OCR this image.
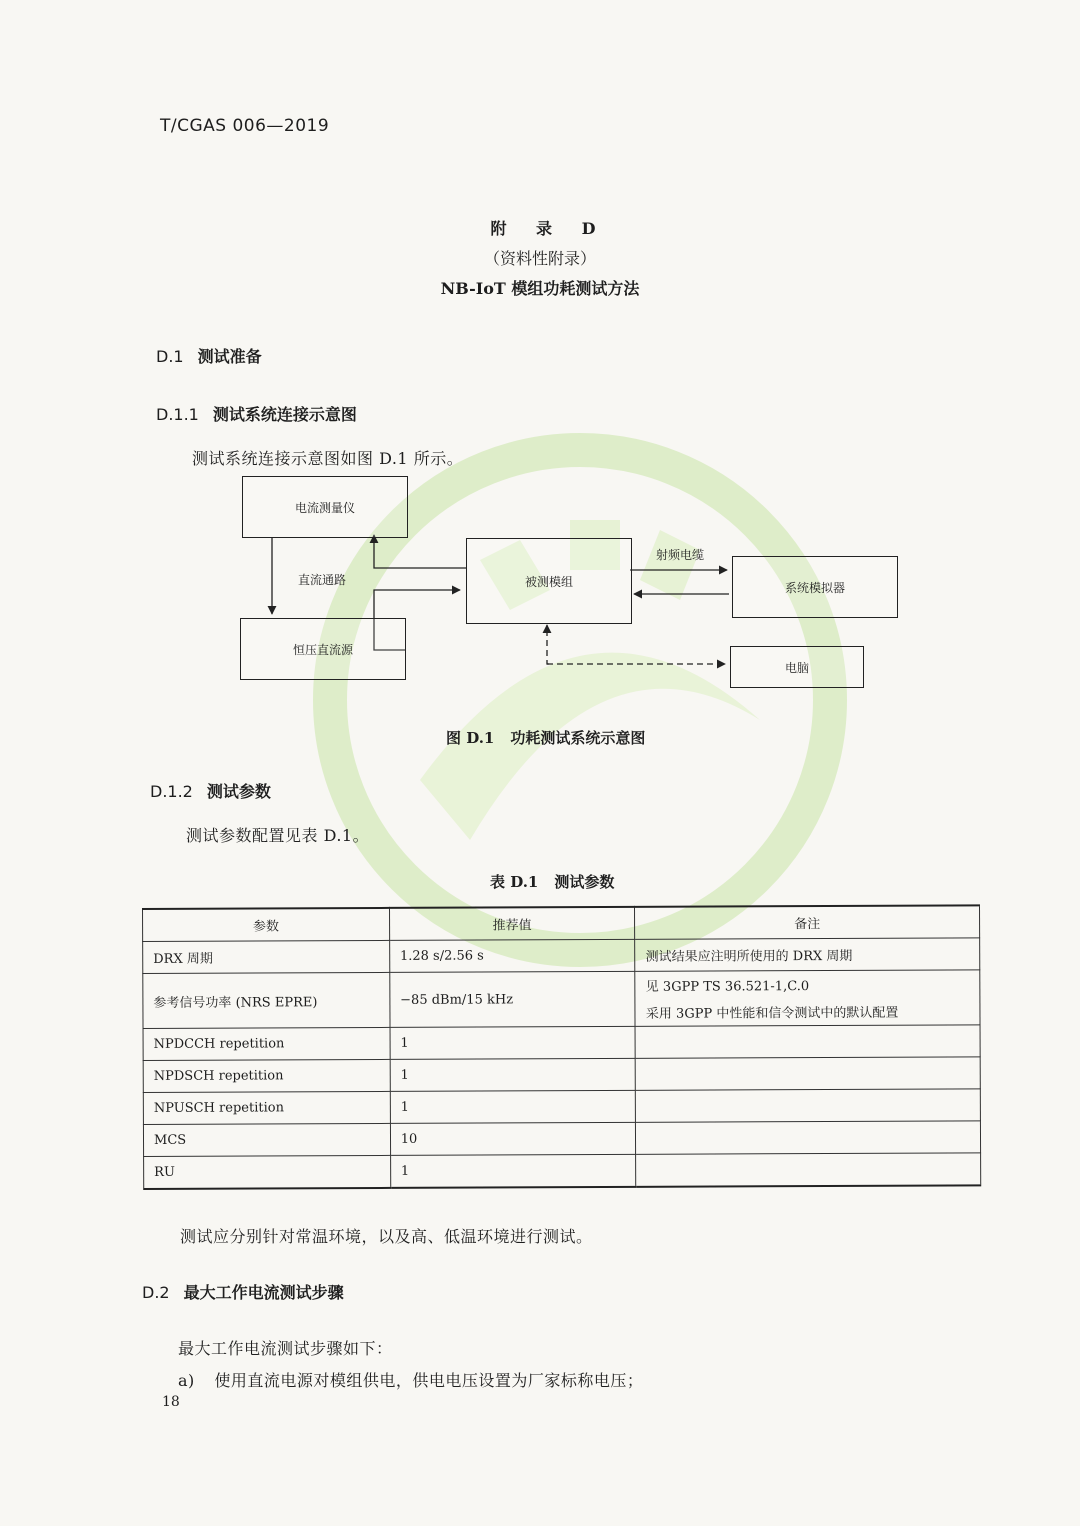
T/CGAS 006—2019
附 录 D
（资料性附录）
NB-IoT 模组功耗测试方法
D.1 测试准备
D.1.1 测试系统连接示意图
测试系统连接示意图如图 D.1 所示。
电流测量仪
恒压直流源
被测模组	系统模拟器
电脑
直流通路
射频电缆
图 D.1 功耗测试系统示意图
D.1.2 测试参数
测试参数配置见表 D.1。
表 D.1 测试参数
参数	推荐值	备注
DRX 周期	1.28 s/2.56 s	测试结果应注明所使用的 DRX 周期
参考信号功率 (NRS EPRE)	−85 dBm/15 kHz	见 3GPP TS 36.521-1,C.0
采用 3GPP 中性能和信令测试中的默认配置

NPDCCH repetition	1	
NPDSCH repetition	1	
NPUSCH repetition	1	
MCS	10	
RU	1	
测试应分别针对常温环境，以及高、低温环境进行测试。
D.2 最大工作电流测试步骤
最大工作电流测试步骤如下：
a) 使用直流电源对模组供电，供电电压设置为厂家标称电压；
18
